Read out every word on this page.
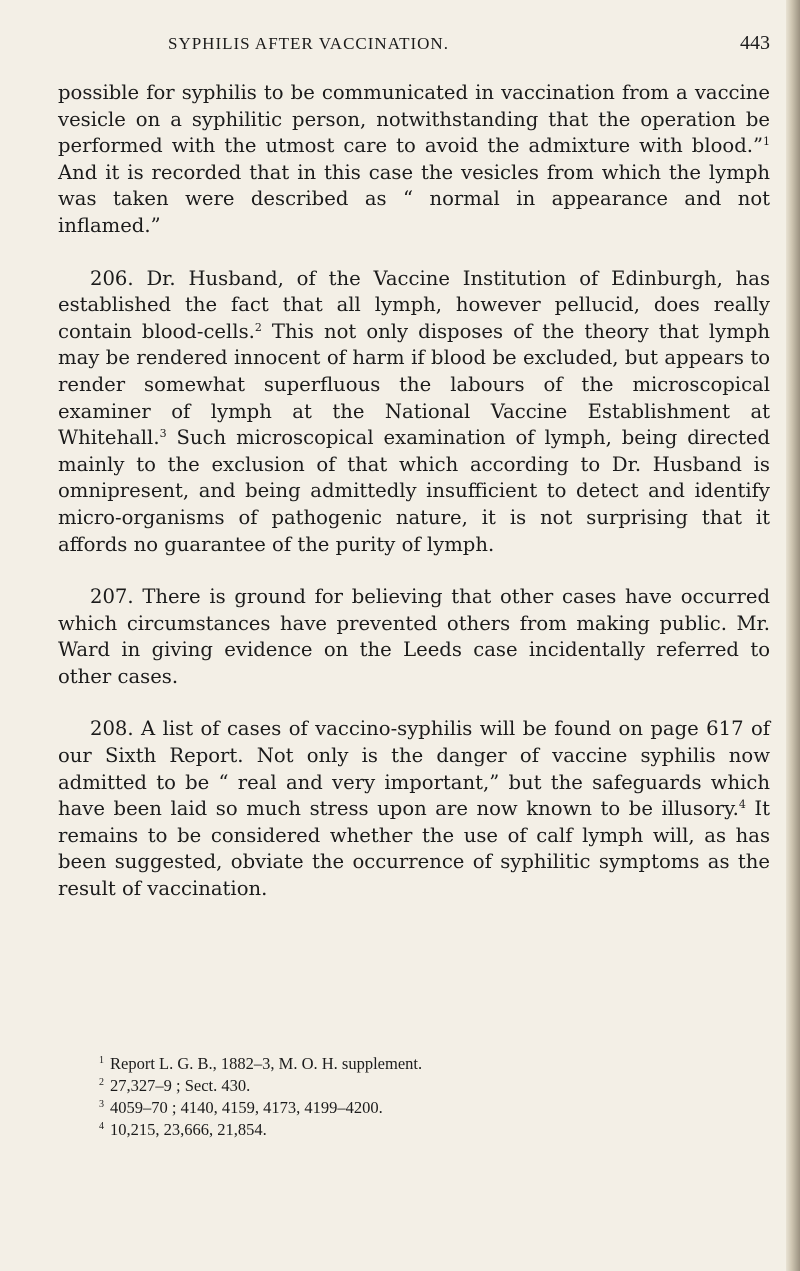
SYPHILIS AFTER VACCINATION.	443

possible for syphilis to be communicated in vaccination from a vaccine vesicle on a syphilitic person, notwithstanding that the operation be performed with the utmost care to avoid the admixture with blood.”$^1$ And it is recorded that in this case the vesicles from which the lymph was taken were described as “ normal in appearance and not inflamed.”

206. Dr. Husband, of the Vaccine Institution of Edinburgh, has established the fact that all lymph, however pellucid, does really contain blood-cells.$^2$ This not only disposes of the theory that lymph may be rendered innocent of harm if blood be excluded, but appears to render somewhat superfluous the labours of the microscopical examiner of lymph at the National Vaccine Establishment at Whitehall.$^3$ Such microscopical examination of lymph, being directed mainly to the exclusion of that which according to Dr. Husband is omnipresent, and being admittedly insufficient to detect and identify micro-organisms of pathogenic nature, it is not surprising that it affords no guarantee of the purity of lymph.

207. There is ground for believing that other cases have occurred which circumstances have prevented others from making public. Mr. Ward in giving evidence on the Leeds case incidentally referred to other cases.

208. A list of cases of vaccino-syphilis will be found on page 617 of our Sixth Report. Not only is the danger of vaccine syphilis now admitted to be “ real and very important,” but the safeguards which have been laid so much stress upon are now known to be illusory.$^4$ It remains to be considered whether the use of calf lymph will, as has been suggested, obviate the occurrence of syphilitic symptoms as the result of vaccination.

1 Report L. G. B., 1882–3, M. O. H. supplement.
2 27,327–9 ; Sect. 430.
3 4059–70 ; 4140, 4159, 4173, 4199–4200.
4 10,215, 23,666, 21,854.
